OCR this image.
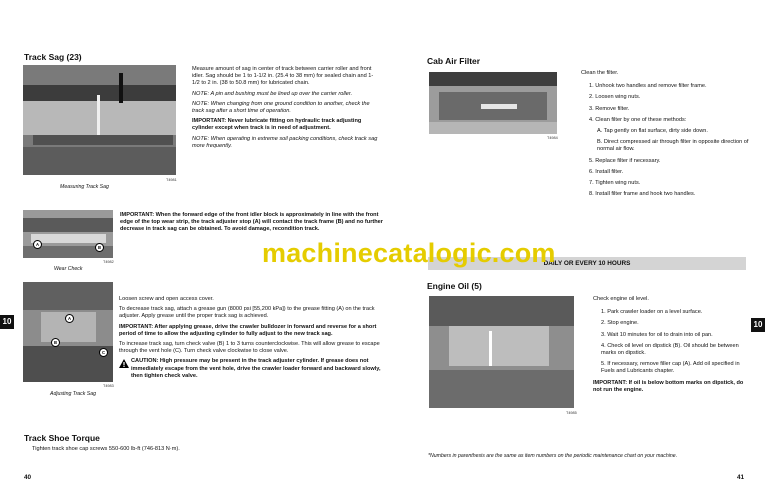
Track Sag (23)
Measuring Track Sag
T4981
Measure amount of sag in center of track between carrier roller and front idler. Sag should be 1 to 1-1/2 in. (25.4 to 38 mm) for sealed chain and 1-1/2 to 2 in. (38 to 50.8 mm) for lubricated chain.
NOTE: A pin and bushing must be lined up over the carrier roller.
NOTE: When changing from one ground condition to another, check the track sag after a short time of operation.
IMPORTANT: Never lubricate fitting on hydraulic track adjusting cylinder except when track is in need of adjustment.
NOTE: When operating in extreme soil packing conditions, check track sag more frequently.
A
B
T4982
Wear Check
IMPORTANT: When the forward edge of the front idler block is approximately in line with the front edge of the top wear strip, the track adjuster stop (A) will contact the track frame (B) and no further decrease in track sag can be obtained. To avoid damage, recondition track.
A
B
C
T4983
Adjusting Track Sag
Loosen screw and open access cover.
To decrease track sag, attach a grease gun (8000 psi [55,200 kPa]) to the grease fitting (A) on the track adjuster. Apply grease until the proper track sag is achieved.
IMPORTANT: After applying grease, drive the crawler bulldozer in forward and reverse for a short period of time to allow the adjusting cylinder to fully adjust to the new track sag.
To increase track sag, turn check valve (B) 1 to 3 turns counterclockwise. This will allow grease to escape through the vent hole (C). Turn check valve clockwise to close valve.
CAUTION: High pressure may be present in the track adjuster cylinder. If grease does not immediately escape from the vent hole, drive the crawler loader forward and backward slowly, then tighten check valve.
Track Shoe Torque
Tighten track shoe cap screws 550-600 lb-ft (746-813 N·m).
40
10
Cab Air Filter
T4984
Clean the filter.
1. Unhook two handles and remove filter frame.
2. Loosen wing nuts.
3. Remove filter.
4. Clean filter by one of these methods:
A. Tap gently on flat surface, dirty side down.
B. Direct compressed air through filter in opposite direction of normal air flow.
5. Replace filter if necessary.
6. Install filter.
7. Tighten wing nuts.
8. Install filter frame and hook two handles.
DAILY OR EVERY 10 HOURS
Engine Oil (5)
T4985
Check engine oil level.
1. Park crawler loader on a level surface.
2. Stop engine.
3. Wait 10 minutes for oil to drain into oil pan.
4. Check oil level on dipstick (B). Oil should be between marks on dipstick.
5. If necessary, remove filler cap (A). Add oil specified in Fuels and Lubricants chapter.
IMPORTANT: If oil is below bottom marks on dipstick, do not run the engine.
*Numbers in parenthesis are the same as item numbers on the periodic maintenance chart on your machine.
41
10
machinecatalogic.com
